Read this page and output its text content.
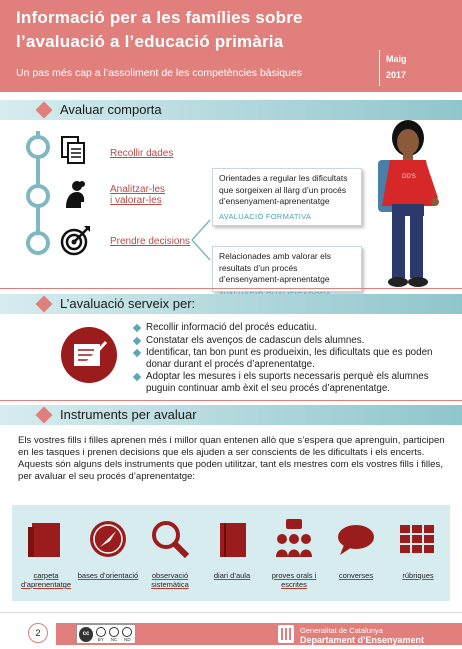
Informació per a les famílies sobre
l’avaluació a l’educació primària
Un pas més cap a l’assoliment de les competències bàsiques
Maig
2017
Avaluar comporta
Recollir dades
Analitzar-les i valorar-les
Prendre decisions
Orientades a regular les dificultats que sorgeixen al llarg d’un procés d’ensenyament-aprenentatge
AVALUACIÓ FORMATIVA
Relacionades amb valorar els resultats d’un procés d’ensenyament-aprenentatge
DD'S
L’avaluació serveix per:
Recollir informació del procés educatiu.
Constatar els avenços de cadascun dels alumnes.
Identificar, tan bon punt es produeixin, les dificultats que es poden donar durant el procés d’aprenentatge.
Adoptar les mesures i els suports necessaris perquè els alumnes puguin continuar amb èxit el seu procés d’aprenentatge.
Instruments per avaluar

Els vostres fills i filles aprenen més i millor quan entenen allò que s’espera que aprenguin, participen en les tasques i prenen decisions que els ajuden a ser conscients de les dificultats i els encerts.

Aquests són alguns dels instruments que poden utilitzar, tant els mestres com els vostres fills i filles, per avaluar el seu procés d’aprenentatge:

carpeta d’aprenentatge
bases d’orientació	observació sistemàtica
diari d’aula	proves orals i escrites
converses	rúbriques
2	cc
BY NC ND
Generalitat de Catalunya
Departament d’Ensenyament
